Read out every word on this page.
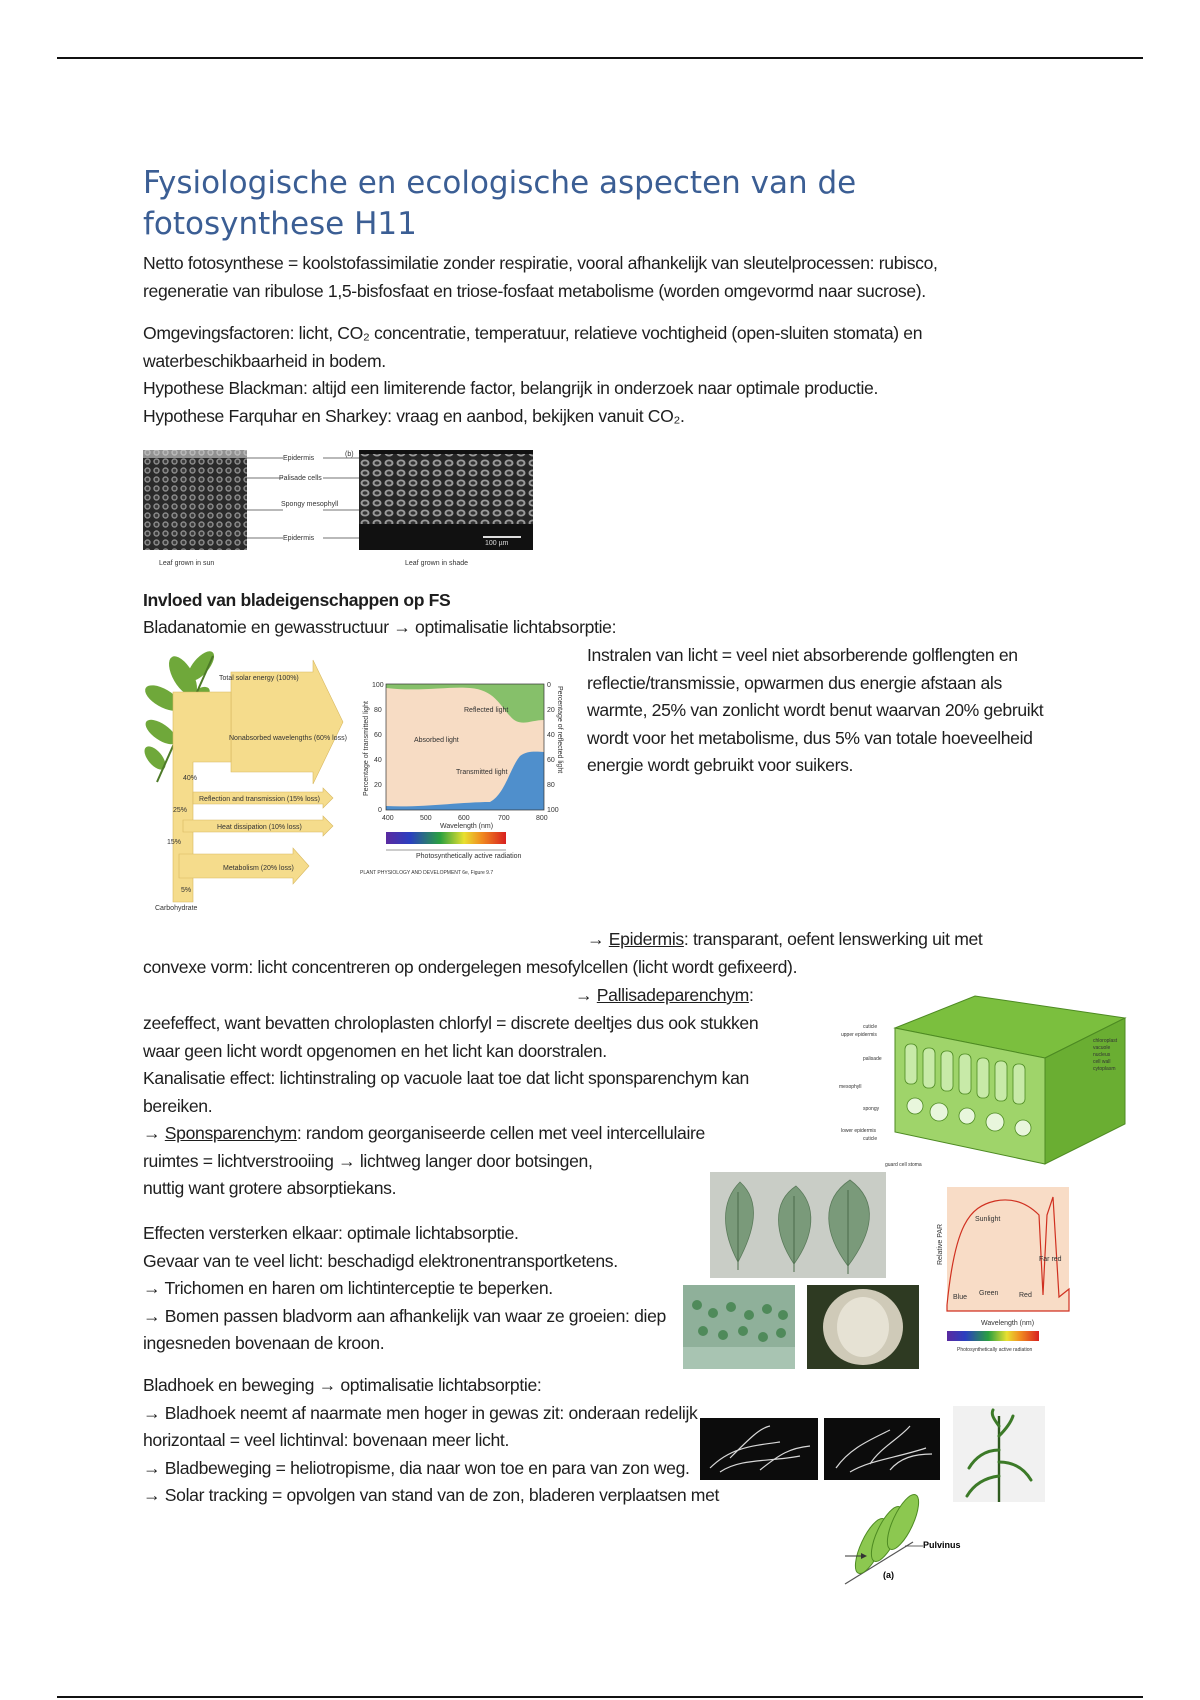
Fysiologische en ecologische aspecten van de fotosynthese H11
Netto fotosynthese = koolstofassimilatie zonder respiratie, vooral afhankelijk van sleutelprocessen: rubisco, regeneratie van ribulose 1,5-bisfosfaat en triose-fosfaat metabolisme (worden omgevormd naar sucrose).

Omgevingsfactoren: licht, CO₂ concentratie, temperatuur, relatieve vochtigheid (open-sluiten stomata) en waterbeschikbaarheid in bodem.

Hypothese Blackman: altijd een limiterende factor, belangrijk in onderzoek naar optimale productie.

Hypothese Farquhar en Sharkey: vraag en aanbod, bekijken vanuit CO₂.

100 µm
(b)
Epidermis
Palisade cells
Spongy mesophyll
Epidermis
Leaf grown in sun	Leaf grown in shade
Invloed van bladeigenschappen op FS
Bladanatomie en gewasstructuur → optimalisatie lichtabsorptie:
Total solar energy (100%)
Nonabsorbed wavelengths (60% loss)
Reflection and transmission (15% loss)
Heat dissipation (10% loss)
Metabolism (20% loss)
40%
25%
15%
5%
Carbohydrate
Reflected light
Absorbed light
Transmitted light
100
80
60
40
20
0
0
20
40
60
80
100
400	500	600	700	800
Wavelength (nm)
Percentage of transmitted light	Percentage of reflected light
Photosynthetically active radiation
PLANT PHYSIOLOGY AND DEVELOPMENT 6e, Figure 9.7
Instralen van licht = veel niet absorberende golflengten en reflectie/transmissie, opwarmen dus energie afstaan als warmte, 25% van zonlicht wordt benut waarvan 20% gebruikt wordt voor het metabolisme, dus 5% van totale hoeveelheid energie wordt gebruikt voor suikers.
→ Epidermis: transparant, oefent lenswerking uit met
convexe vorm: licht concentreren op ondergelegen mesofylcellen (licht wordt gefixeerd).
→ Pallisadeparenchym:
zeefeffect, want bevatten chroloplasten chlorfyl = discrete deeltjes dus ook stukken waar geen licht wordt opgenomen en het licht kan doorstralen.
Kanalisatie effect: lichtinstraling op vacuole laat toe dat licht sponsparenchym kan bereiken.

→ Sponsparenchym: random georganiseerde cellen met veel intercellulaire

ruimtes = lichtverstrooiing → lichtweg langer door botsingen,

nuttig want grotere absorptiekans.

Effecten versterken elkaar: optimale lichtabsorptie.

Gevaar van te veel licht: beschadigd elektronentransportketens.

→ Trichomen en haren om lichtinterceptie te beperken.

→ Bomen passen bladvorm aan afhankelijk van waar ze groeien: diep ingesneden bovenaan de kroon.

Bladhoek en beweging → optimalisatie lichtabsorptie:

→ Bladhoek neemt af naarmate men hoger in gewas zit: onderaan redelijk horizontaal = veel lichtinval: bovenaan meer licht.

→ Bladbeweging = heliotropisme, dia naar won toe en para van zon weg.

→ Solar tracking = opvolgen van stand van de zon, bladeren verplaatsen met

cuticle
upper epidermis
palisade
mesophyll
spongy
lower epidermis
cuticle
guard cell stoma
chloroplast
vacuole
nucleus
cell wall
cytoplasm
Sunlight
Blue
Green	Red
Far red
Wavelength (nm)
Relative PAR
Photosynthetically active radiation
Pulvinus
(a)
